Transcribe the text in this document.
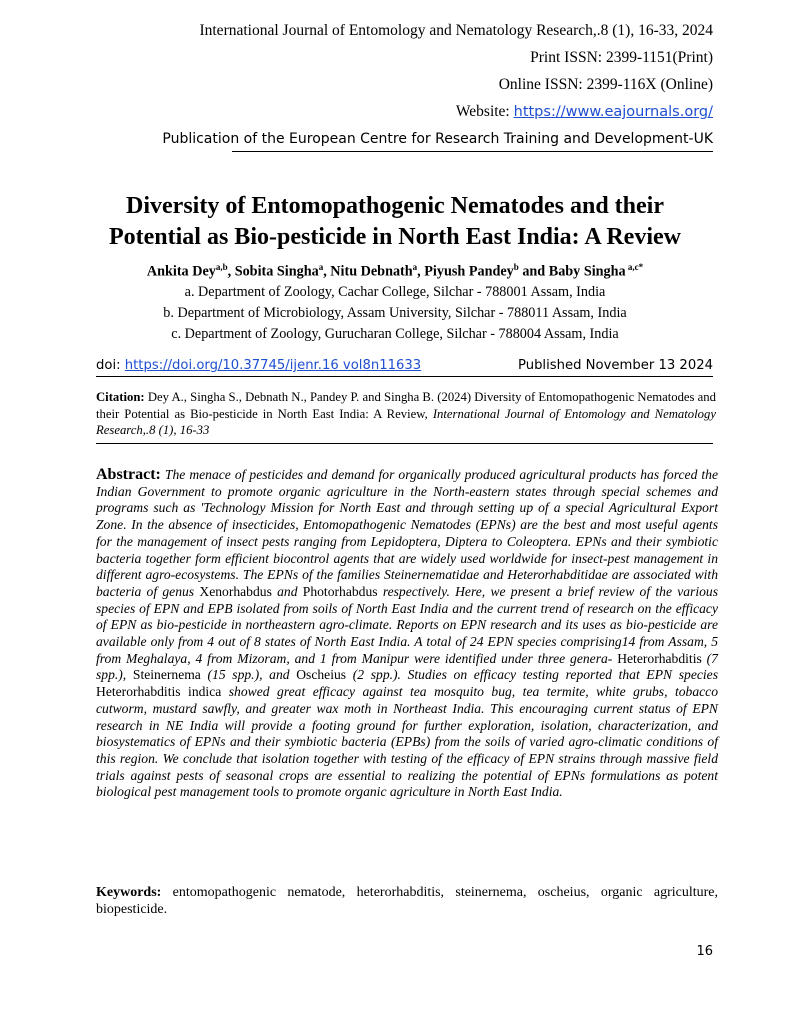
International Journal of Entomology and Nematology Research,.8 (1), 16-33, 2024
Print ISSN: 2399-1151(Print)
Online ISSN: 2399-116X (Online)
Website: https://www.eajournals.org/
Publication of the European Centre for Research Training and Development-UK
Diversity of Entomopathogenic Nematodes and their
Potential as Bio-pesticide in North East India: A Review
Ankita Dey$^{a,b}$, Sobita Singha$^a$, Nitu Debnath$^a$, Piyush Pandey$^b$ and Baby Singha $^{a,c*}$
a. Department of Zoology, Cachar College, Silchar - 788001 Assam, India
b. Department of Microbiology, Assam University, Silchar - 788011 Assam, India
c. Department of Zoology, Gurucharan College, Silchar - 788004 Assam, India
doi: https://doi.org/10.37745/ijenr.16 vol8n11633	Published November 13 2024
Citation: Dey A., Singha S., Debnath N., Pandey P. and Singha B. (2024) Diversity of Entomopathogenic Nematodes and their Potential as Bio-pesticide in North East India: A Review, International Journal of Entomology and Nematology Research,.8 (1), 16-33
Abstract: The menace of pesticides and demand for organically produced agricultural products has forced the Indian Government to promote organic agriculture in the North-eastern states through special schemes and programs such as 'Technology Mission for North East and through setting up of a special Agricultural Export Zone. In the absence of insecticides, Entomopathogenic Nematodes (EPNs) are the best and most useful agents for the management of insect pests ranging from Lepidoptera, Diptera to Coleoptera. EPNs and their symbiotic bacteria together form efficient biocontrol agents that are widely used worldwide for insect-pest management in different agro-ecosystems. The EPNs of the families Steinernematidae and Heterorhabditidae are associated with bacteria of genus Xenorhabdus and Photorhabdus respectively. Here, we present a brief review of the various species of EPN and EPB isolated from soils of North East India and the current trend of research on the efficacy of EPN as bio-pesticide in northeastern agro-climate. Reports on EPN research and its uses as bio-pesticide are available only from 4 out of 8 states of North East India. A total of 24 EPN species comprising14 from Assam, 5 from Meghalaya, 4 from Mizoram, and 1 from Manipur were identified under three genera- Heterorhabditis (7 spp.), Steinernema (15 spp.), and Oscheius (2 spp.). Studies on efficacy testing reported that EPN species Heterorhabditis indica showed great efficacy against tea mosquito bug, tea termite, white grubs, tobacco cutworm, mustard sawfly, and greater wax moth in Northeast India. This encouraging current status of EPN research in NE India will provide a footing ground for further exploration, isolation, characterization, and biosystematics of EPNs and their symbiotic bacteria (EPBs) from the soils of varied agro-climatic conditions of this region. We conclude that isolation together with testing of the efficacy of EPN strains through massive field trials against pests of seasonal crops are essential to realizing the potential of EPNs formulations as potent biological pest management tools to promote organic agriculture in North East India.
Keywords: entomopathogenic nematode, heterorhabditis, steinernema, oscheius, organic agriculture, biopesticide.
16
